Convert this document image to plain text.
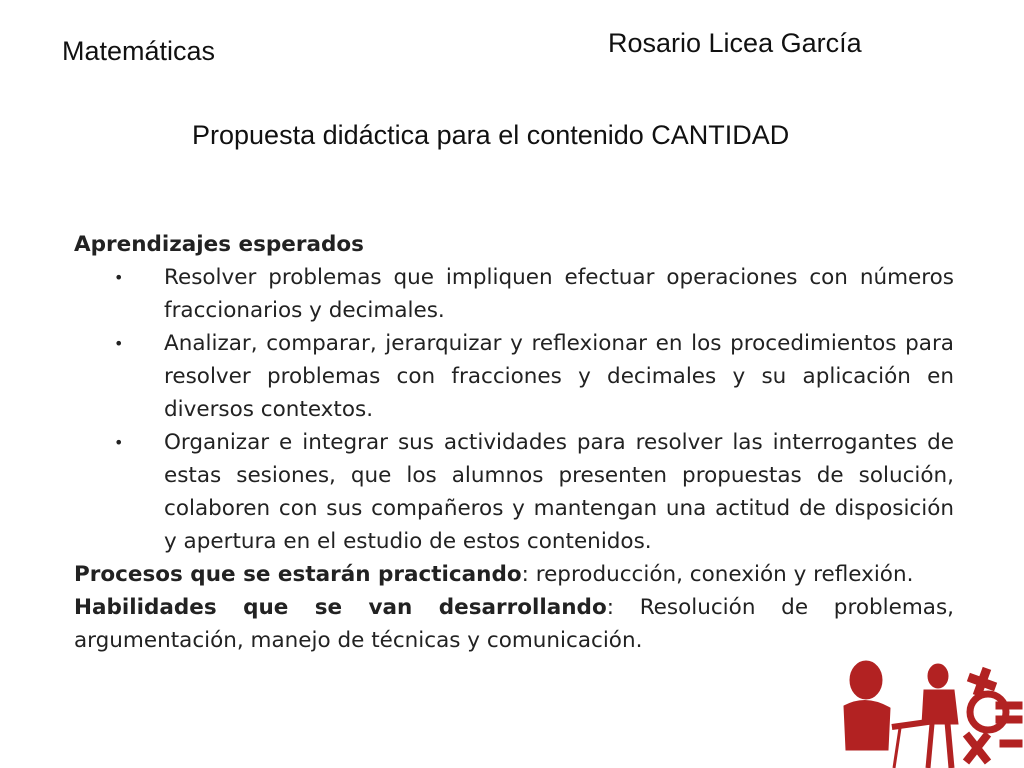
Matemáticas	Rosario Licea García
Propuesta didáctica para el contenido CANTIDAD
Aprendizajes esperados
• Resolver problemas que impliquen efectuar operaciones con números fraccionarios y decimales.
• Analizar, comparar, jerarquizar y reflexionar en los procedimientos para resolver problemas con fracciones y decimales y su aplicación en diversos contextos.
• Organizar e integrar sus actividades para resolver las interrogantes de estas sesiones, que los alumnos presenten propuestas de solución, colaboren con sus compañeros y mantengan una actitud de disposición y apertura en el estudio de estos contenidos.
Procesos que se estarán practicando: reproducción, conexión y reflexión.
Habilidades que se van desarrollando: Resolución de problemas, argumentación, manejo de técnicas y comunicación.
